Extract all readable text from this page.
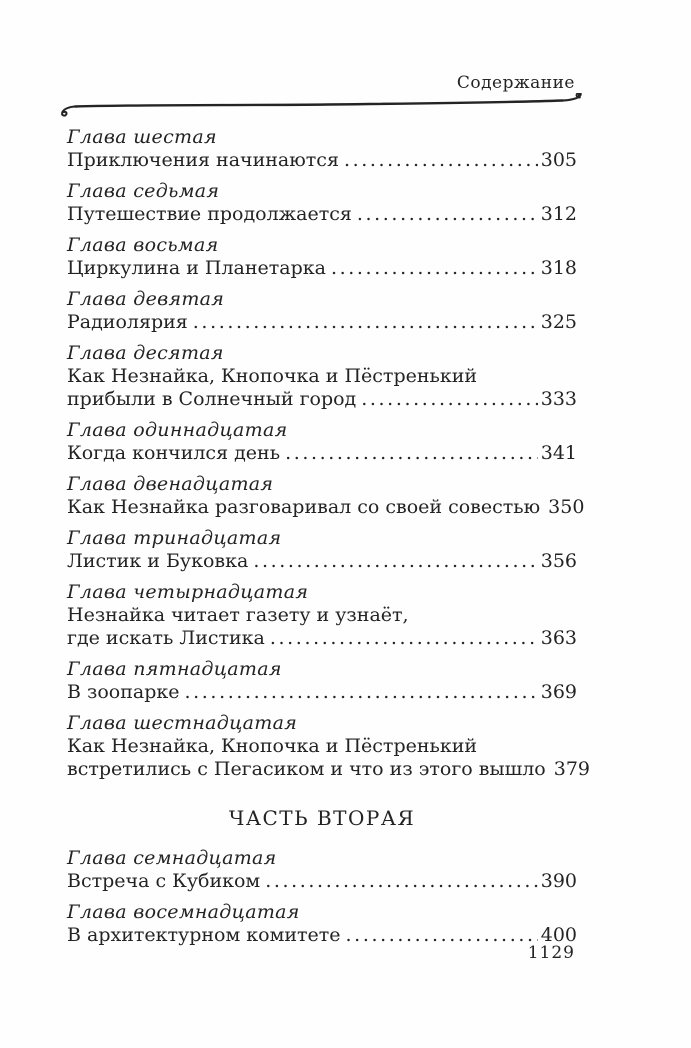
Содержание
Глава шестая
Приключения начинаются .....	305
Глава седьмая
Путешествие продолжается .....	312
Глава восьмая
Циркулина и Планетарка .....	318
Глава девятая
Радиолярия .....	325
Глава десятая
Как Незнайка, Кнопочка и Пёстренький
прибыли в Солнечный город .....	333
Глава одиннадцатая
Когда кончился день .....	341
Глава двенадцатая
Как Незнайка разговаривал со своей совестью 350
Глава тринадцатая
Листик и Буковка .....	356
Глава четырнадцатая
Незнайка читает газету и узнаёт,
где искать Листика .....	363
Глава пятнадцатая
В зоопарке .....	369
Глава шестнадцатая
Как Незнайка, Кнопочка и Пёстренький
встретились с Пегасиком и что из этого вышло 379
ЧАСТЬ ВТОРАЯ
Глава семнадцатая
Встреча с Кубиком .....	390
Глава восемнадцатая
В архитектурном комитете .....	400
1129
